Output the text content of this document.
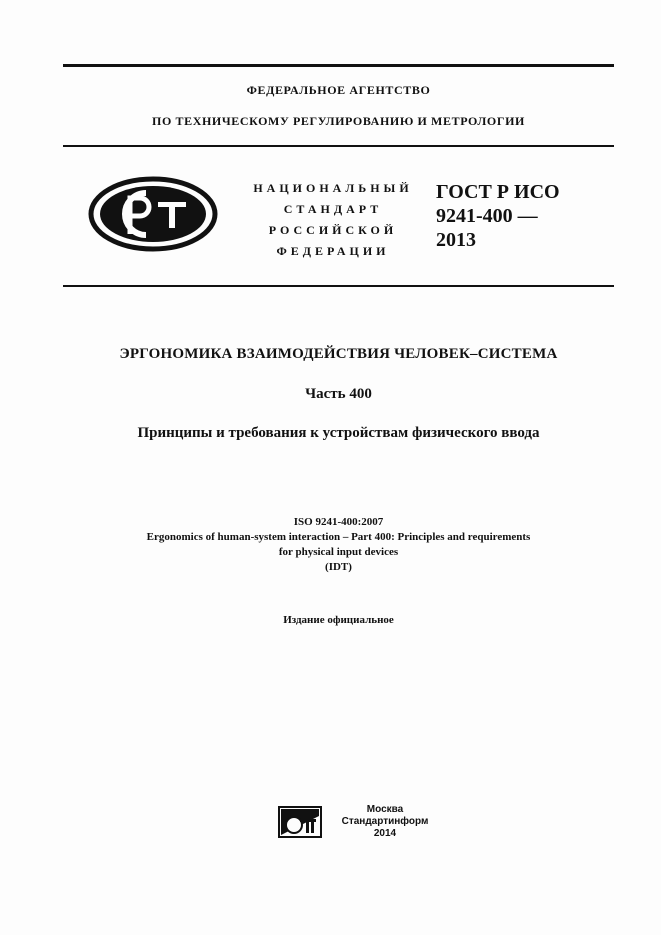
ФЕДЕРАЛЬНОЕ АГЕНТСТВО
ПО ТЕХНИЧЕСКОМУ РЕГУЛИРОВАНИЮ И МЕТРОЛОГИИ
НАЦИОНАЛЬНЫЙ
СТАНДАРТ
РОССИЙСКОЙ
ФЕДЕРАЦИИ
ГОСТ Р ИСО
9241-400 —
2013
ЭРГОНОМИКА ВЗАИМОДЕЙСТВИЯ ЧЕЛОВЕК–СИСТЕМА
Часть 400
Принципы и требования к устройствам физического ввода
ISO 9241-400:2007
Ergonomics of human-system interaction – Part 400: Principles and requirements
for physical input devices
(IDT)
Издание официальное
Москва
Стандартинформ
2014
